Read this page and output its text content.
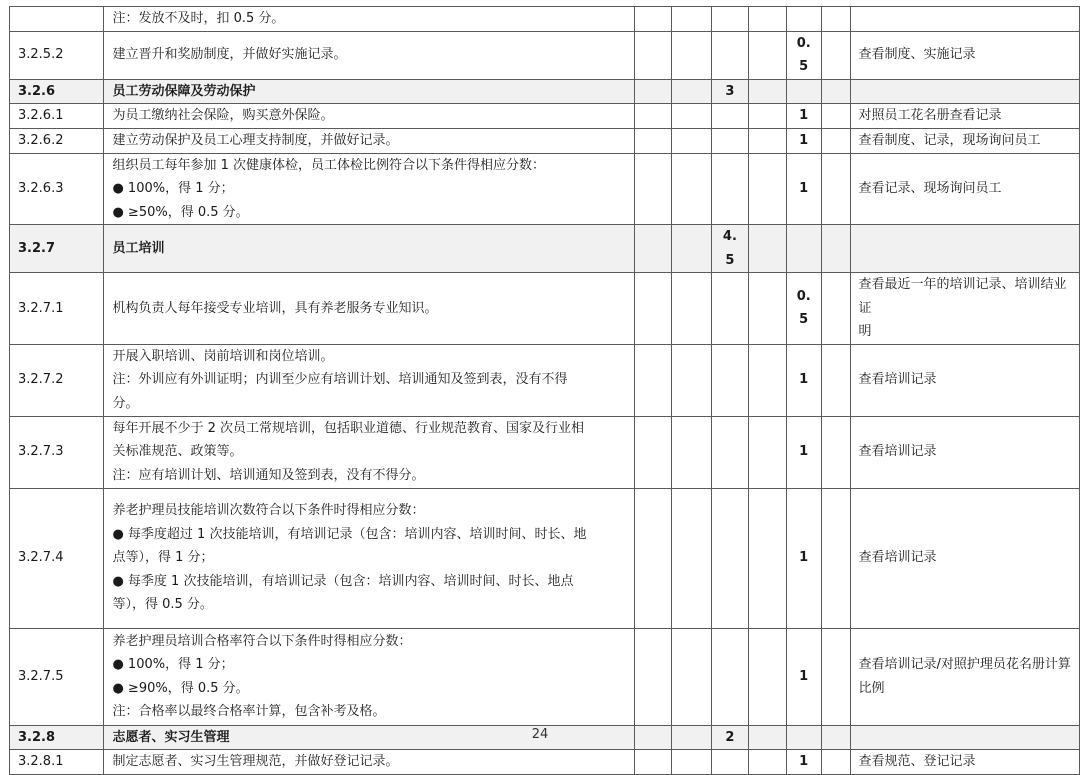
	注：发放不及时，扣 0.5 分。							

3.2.5.2	建立晋升和奖励制度，并做好实施记录。					0.5		查看制度、实施记录

3.2.6	员工劳动保障及劳动保护			3				
3.2.6.1	为员工缴纳社会保险，购买意外保险。					1		对照员工花名册查看记录

3.2.6.2	建立劳动保护及员工心理支持制度，并做好记录。					1		查看制度、记录，现场询问员工

3.2.6.3	组织员工每年参加 1 次健康体检，员工体检比例符合以下条件得相应分数：
● 100%，得 1 分；
● ≥50%，得 0.5 分。					1		查看记录、现场询问员工

3.2.7	员工培训			4.5				
3.2.7.1	机构负责人每年接受专业培训，具有养老服务专业知识。					0.5		查看最近一年的培训记录、培训结业证
明

3.2.7.2	开展入职培训、岗前培训和岗位培训。
注：外训应有外训证明；内训至少应有培训计划、培训通知及签到表，没有不得
分。					1		查看培训记录

3.2.7.3	每年开展不少于 2 次员工常规培训，包括职业道德、行业规范教育、国家及行业相
关标准规范、政策等。
注：应有培训计划、培训通知及签到表，没有不得分。					1		查看培训记录

3.2.7.4	养老护理员技能培训次数符合以下条件时得相应分数：
● 每季度超过 1 次技能培训，有培训记录（包含：培训内容、培训时间、时长、地
点等），得 1 分；
● 每季度 1 次技能培训，有培训记录（包含：培训内容、培训时间、时长、地点
等），得 0.5 分。					1		查看培训记录

3.2.7.5	养老护理员培训合格率符合以下条件时得相应分数：
● 100%，得 1 分；
● ≥90%，得 0.5 分。
注：合格率以最终合格率计算，包含补考及格。					1		查看培训记录/对照护理员花名册计算
比例

3.2.8	志愿者、实习生管理			2				
3.2.8.1	制定志愿者、实习生管理规范，并做好登记记录。					1		查看规范、登记记录
24
